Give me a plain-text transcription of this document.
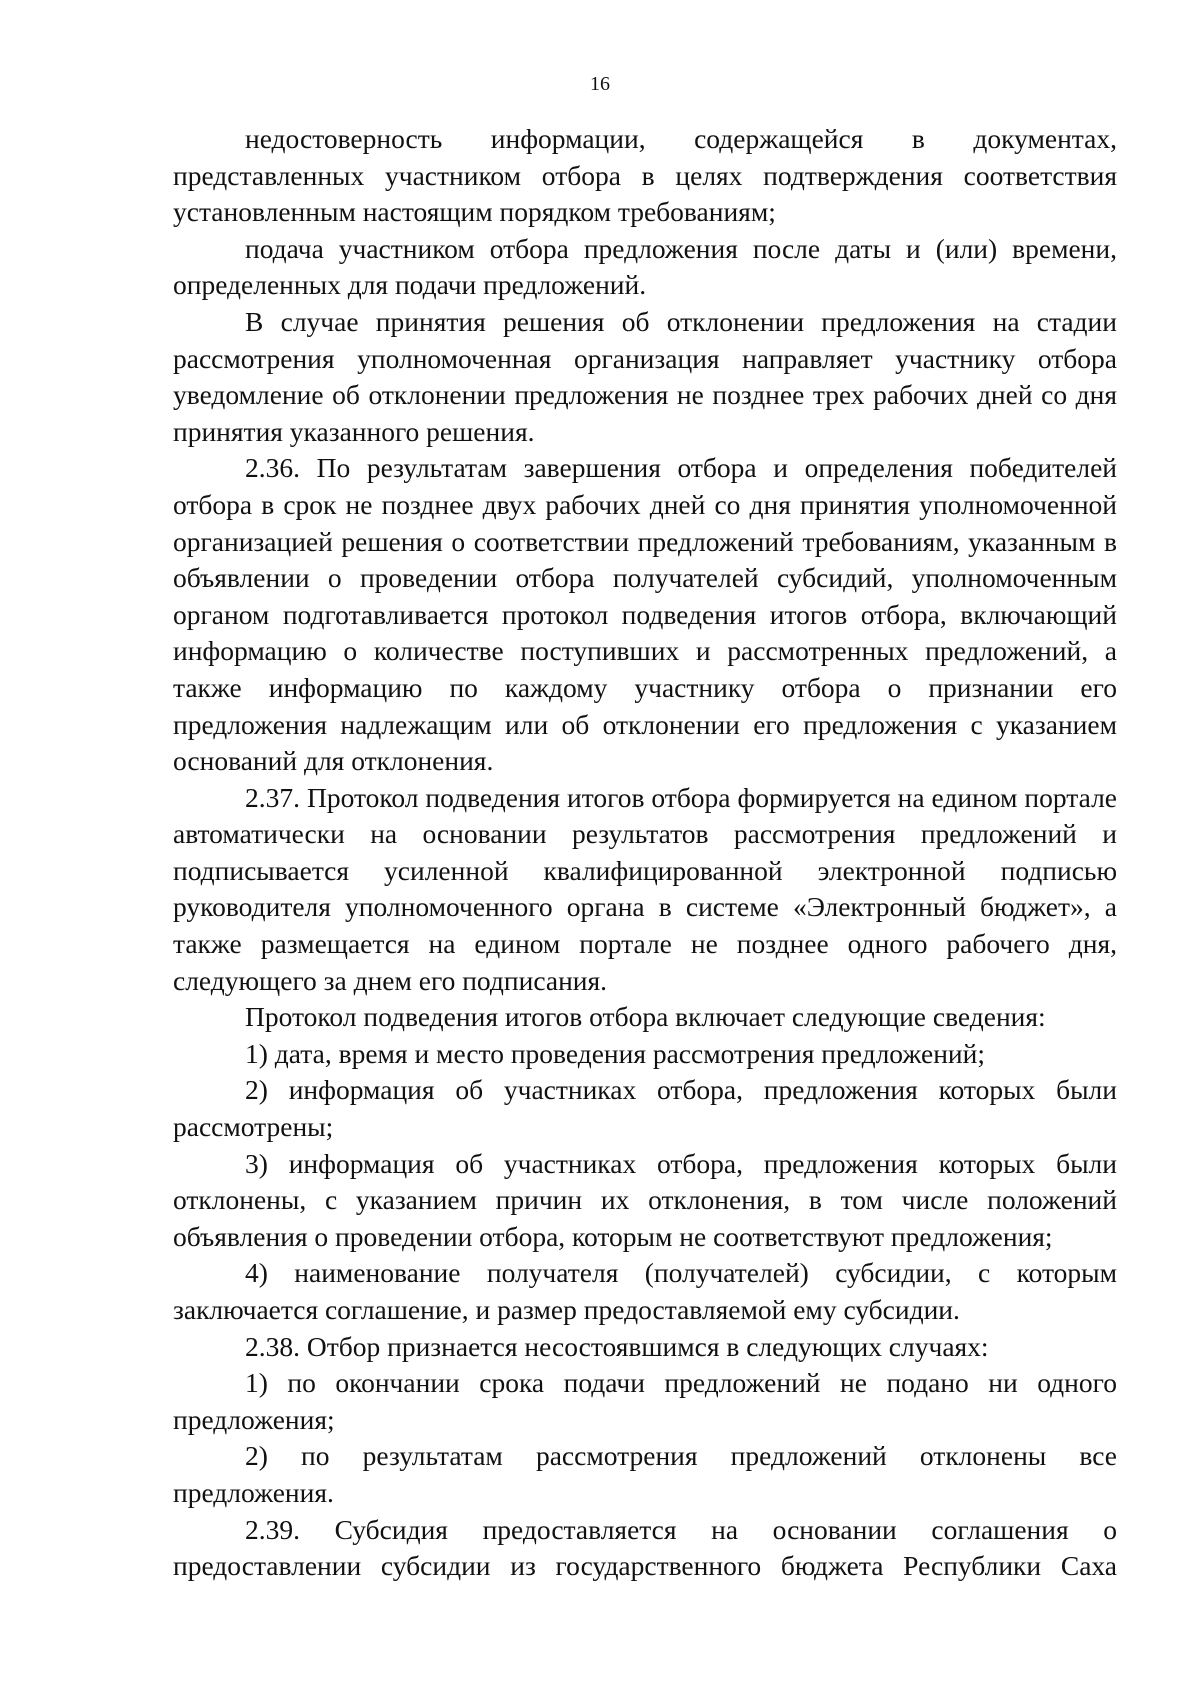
16

недостоверность информации, содержащейся в документах, представленных участником отбора в целях подтверждения соответствия установленным настоящим порядком требованиям;

подача участником отбора предложения после даты и (или) времени, определенных для подачи предложений.

В случае принятия решения об отклонении предложения на стадии рассмотрения уполномоченная организация направляет участнику отбора уведомление об отклонении предложения не позднее трех рабочих дней со дня принятия указанного решения.

2.36. По результатам завершения отбора и определения победителей отбора в срок не позднее двух рабочих дней со дня принятия уполномоченной организацией решения о соответствии предложений требованиям, указанным в объявлении о проведении отбора получателей субсидий, уполномоченным органом подготавливается протокол подведения итогов отбора, включающий информацию о количестве поступивших и рассмотренных предложений, а также информацию по каждому участнику отбора о признании его предложения надлежащим или об отклонении его предложения с указанием оснований для отклонения.

2.37. Протокол подведения итогов отбора формируется на едином портале автоматически на основании результатов рассмотрения предложений и подписывается усиленной квалифицированной электронной подписью руководителя уполномоченного органа в системе «Электронный бюджет», а также размещается на едином портале не позднее одного рабочего дня, следующего за днем его подписания.

Протокол подведения итогов отбора включает следующие сведения:

1) дата, время и место проведения рассмотрения предложений;

2) информация об участниках отбора, предложения которых были рассмотрены;

3) информация об участниках отбора, предложения которых были отклонены, с указанием причин их отклонения, в том числе положений объявления о проведении отбора, которым не соответствуют предложения;

4) наименование получателя (получателей) субсидии, с которым заключается соглашение, и размер предоставляемой ему субсидии.

2.38. Отбор признается несостоявшимся в следующих случаях:

1) по окончании срока подачи предложений не подано ни одного предложения;

2) по результатам рассмотрения предложений отклонены все предложения.

2.39. Субсидия предоставляется на основании соглашения о предоставлении субсидии из государственного бюджета Республики Саха
